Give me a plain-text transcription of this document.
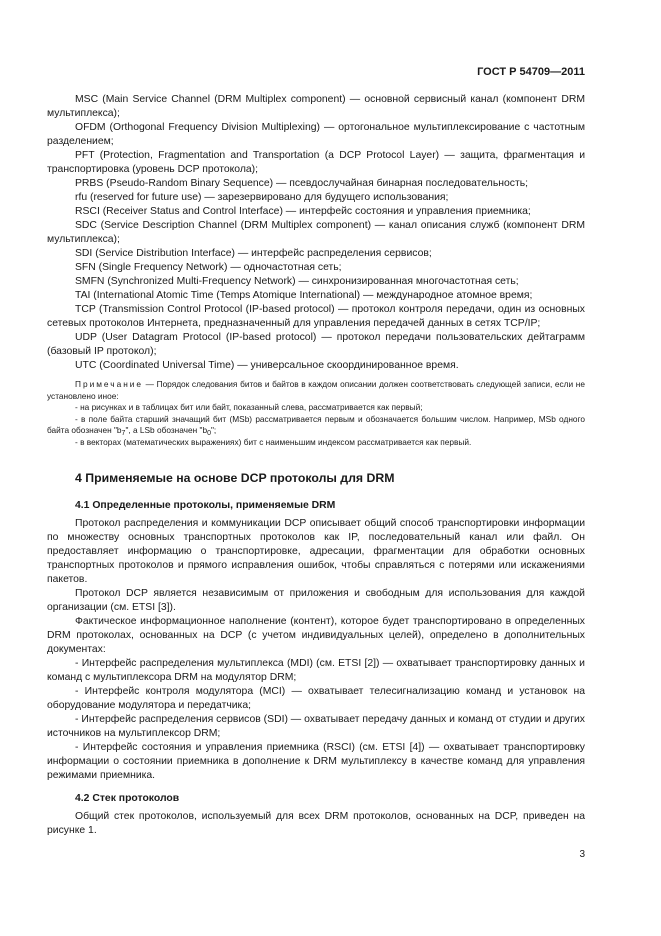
ГОСТ Р 54709—2011

MSC (Main Service Channel (DRM Multiplex component) — основной сервисный канал (компонент DRM мультиплекса);

OFDM (Orthogonal Frequency Division Multiplexing) — ортогональное мультиплексирование с частотным разделением;

PFT (Protection, Fragmentation and Transportation (a DCP Protocol Layer) — защита, фрагментация и транспортировка (уровень DCP протокола);

PRBS (Pseudo-Random Binary Sequence) — псевдослучайная бинарная последовательность;

rfu (reserved for future use) — зарезервировано для будущего использования;

RSCI (Receiver Status and Control Interface) — интерфейс состояния и управления приемника;

SDC (Service Description Channel (DRM Multiplex component) — канал описания служб (компонент DRM мультиплекса);

SDI (Service Distribution Interface) — интерфейс распределения сервисов;

SFN (Single Frequency Network) — одночастотная сеть;

SMFN (Synchronized Multi-Frequency Network) — синхронизированная многочастотная сеть;

TAI (International Atomic Time (Temps Atomique International) — международное атомное время;

TCP (Transmission Control Protocol (IP-based protocol) — протокол контроля передачи, один из основных сетевых протоколов Интернета, предназначенный для управления передачей данных в сетях TCP/IP;

UDP (User Datagram Protocol (IP-based protocol) — протокол передачи пользовательских дейтаграмм (базовый IP протокол);

UTC (Coordinated Universal Time) — универсальное скоординированное время.

Примечание — Порядок следования битов и байтов в каждом описании должен соответствовать следующей записи, если не установлено иное:

- на рисунках и в таблицах бит или байт, показанный слева, рассматривается как первый;

- в поле байта старший значащий бит (MSb) рассматривается первым и обозначается большим числом. Например, MSb одного байта обозначен "$b_7$", а LSb обозначен "$b_0$";

- в векторах (математических выражениях) бит с наименьшим индексом рассматривается как первый.

4 Применяемые на основе DCP протоколы для DRM
4.1 Определенные протоколы, применяемые DRM

Протокол распределения и коммуникации DCP описывает общий способ транспортировки информации по множеству основных транспортных протоколов как IP, последовательный канал или файл. Он предоставляет информацию о транспортировке, адресации, фрагментации для обработки основных транспортных протоколов и прямого исправления ошибок, чтобы справляться с потерями или искажениями пакетов.

Протокол DCP является независимым от приложения и свободным для использования для каждой организации (см. ETSI [3]).

Фактическое информационное наполнение (контент), которое будет транспортировано в определенных DRM протоколах, основанных на DCP (с учетом индивидуальных целей), определено в дополнительных документах:

- Интерфейс распределения мультиплекса (MDI) (см. ETSI [2]) — охватывает транспортировку данных и команд с мультиплексора DRM на модулятор DRM;

- Интерфейс контроля модулятора (MCI) — охватывает телесигнализацию команд и установок на оборудование модулятора и передатчика;

- Интерфейс распределения сервисов (SDI) — охватывает передачу данных и команд от студии и других источников на мультиплексор DRM;

- Интерфейс состояния и управления приемника (RSCI) (см. ETSI [4]) — охватывает транспортировку информации о состоянии приемника в дополнение к DRM мультиплексу в качестве команд для управления режимами приемника.

4.2 Стек протоколов

Общий стек протоколов, используемый для всех DRM протоколов, основанных на DCP, приведен на рисунке 1.

3
